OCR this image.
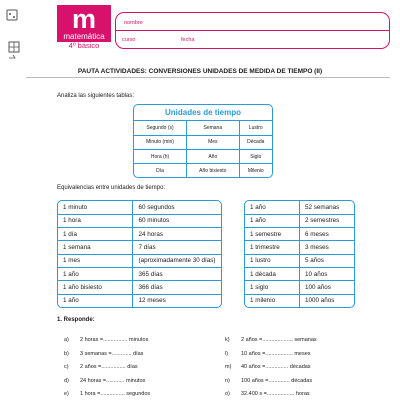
m
matemática
4º básico
nombre
curso	fecha
PAUTA ACTIVIDADES: CONVERSIONES UNIDADES DE MEDIDA DE TIEMPO (II)
Analiza las siguientes tablas:
Unidades de tiempo
Segundo (s)	Semana	Lustro
Minuto (min)	Mes	Década
Hora (h)	Año	Siglo
Día	Año bisiesto	Milenio
Equivalencias entre unidades de tiempo:
1 minuto	60 segundos
1 hora	60 minutos
1 día	24 horas
1 semana	7 días
1 mes	(aproximadamente 30 días)
1 año	365 días
1 año bisiesto	366 días
1 año	12 meses
1 año	52 semanas
1 año	2 semestres
1 semestre	6 meses
1 trimestre	3 meses
1 lustro	5 años
1 década	10 años
1 siglo	100 años
1 milenio	1000 años
1. Responde:
a) 2 horas =................ minutos
b) 3 semanas =............. días
c) 2 años =................ días
d) 24 horas =............ minutos
e) 1 hora =................ segundos
k) 2 años =.................... semanas
l) 10 años =.................. meses
m) 40 años =............... décadas
n) 100 años =.............. décadas
o) 32.400 s =.................. horas
